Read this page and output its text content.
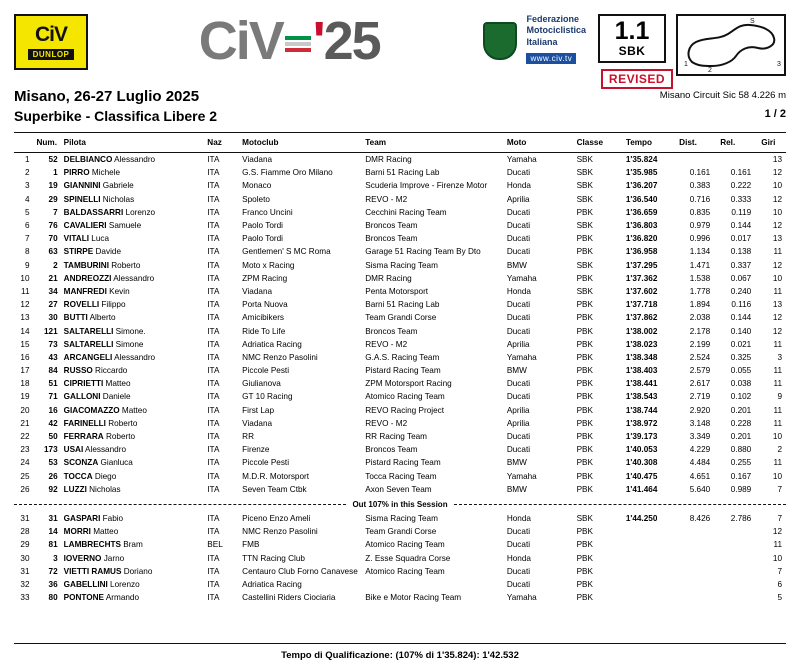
CiV
DUNLOP CiV '25	Federazione
Motociclistica
Italiana
www.civ.tv
1.1
SBK
REVISED
S
1	3
2
Misano, 26-27 Luglio 2025
Superbike - Classifica Libere 2
Misano Circuit Sic 58 4.226 m
1 / 2
	Num.	Pilota	Naz	Motoclub	Team	Moto	Classe	Tempo	Dist.	Rel.	Giri
1	52	DELBIANCO Alessandro	ITA	Viadana	DMR Racing	Yamaha	SBK	1'35.824			13
2	1	PIRRO Michele	ITA	G.S. Fiamme Oro Milano	Barni 51 Racing Lab	Ducati	SBK	1'35.985	0.161	0.161	12
3	19	GIANNINI Gabriele	ITA	Monaco	Scuderia Improve - Firenze Motor	Honda	SBK	1'36.207	0.383	0.222	10
4	29	SPINELLI Nicholas	ITA	Spoleto	REVO - M2	Aprilia	SBK	1'36.540	0.716	0.333	12
5	7	BALDASSARRI Lorenzo	ITA	Franco Uncini	Cecchini Racing Team	Ducati	PBK	1'36.659	0.835	0.119	10
6	76	CAVALIERI Samuele	ITA	Paolo Tordi	Broncos Team	Ducati	SBK	1'36.803	0.979	0.144	12
7	70	VITALI Luca	ITA	Paolo Tordi	Broncos Team	Ducati	PBK	1'36.820	0.996	0.017	13
8	63	STIRPE Davide	ITA	Gentlemen' S MC Roma	Garage 51 Racing Team By Dto	Ducati	PBK	1'36.958	1.134	0.138	11
9	2	TAMBURINI Roberto	ITA	Moto x Racing	Sisma Racing Team	BMW	SBK	1'37.295	1.471	0.337	12
10	21	ANDREOZZI Alessandro	ITA	ZPM Racing	DMR Racing	Yamaha	PBK	1'37.362	1.538	0.067	10
11	34	MANFREDI Kevin	ITA	Viadana	Penta Motorsport	Honda	SBK	1'37.602	1.778	0.240	11
12	27	ROVELLI Filippo	ITA	Porta Nuova	Barni 51 Racing Lab	Ducati	PBK	1'37.718	1.894	0.116	13
13	30	BUTTI Alberto	ITA	Amicibikers	Team Grandi Corse	Ducati	PBK	1'37.862	2.038	0.144	12
14	121	SALTARELLI Simone.	ITA	Ride To Life	Broncos Team	Ducati	PBK	1'38.002	2.178	0.140	12
15	73	SALTARELLI Simone	ITA	Adriatica Racing	REVO - M2	Aprilia	PBK	1'38.023	2.199	0.021	11
16	43	ARCANGELI Alessandro	ITA	NMC Renzo Pasolini	G.A.S. Racing Team	Yamaha	PBK	1'38.348	2.524	0.325	3
17	84	RUSSO Riccardo	ITA	Piccole Pesti	Pistard Racing Team	BMW	PBK	1'38.403	2.579	0.055	11
18	51	CIPRIETTI Matteo	ITA	Giulianova	ZPM Motorsport Racing	Ducati	PBK	1'38.441	2.617	0.038	11
19	71	GALLONI Daniele	ITA	GT 10 Racing	Atomico Racing Team	Ducati	PBK	1'38.543	2.719	0.102	9
20	16	GIACOMAZZO Matteo	ITA	First Lap	REVO Racing Project	Aprilia	PBK	1'38.744	2.920	0.201	11
21	42	FARINELLI Roberto	ITA	Viadana	REVO - M2	Aprilia	PBK	1'38.972	3.148	0.228	11
22	50	FERRARA Roberto	ITA	RR	RR Racing Team	Ducati	PBK	1'39.173	3.349	0.201	10
23	173	USAI Alessandro	ITA	Firenze	Broncos Team	Ducati	PBK	1'40.053	4.229	0.880	2
24	53	SCONZA Gianluca	ITA	Piccole Pesti	Pistard Racing Team	BMW	PBK	1'40.308	4.484	0.255	11
25	26	TOCCA Diego	ITA	M.D.R. Motorsport	Tocca Racing Team	Yamaha	PBK	1'40.475	4.651	0.167	10
26	92	LUZZI Nicholas	ITA	Seven Team Ctbk	Axon Seven Team	BMW	PBK	1'41.464	5.640	0.989	7

Out 107% in this Session											

31	31	GASPARI Fabio	ITA	Piceno Enzo Ameli	Sisma Racing Team	Honda	SBK	1'44.250	8.426	2.786	7
28	14	MORRI Matteo	ITA	NMC Renzo Pasolini	Team Grandi Corse	Ducati	PBK				12
29	81	LAMBRECHTS Bram	BEL	FMB	Atomico Racing Team	Ducati	PBK				11
30	3	IOVERNO Jarno	ITA	TTN Racing Club	Z. Esse Squadra Corse	Honda	PBK				10
31	72	VIETTI RAMUS Doriano	ITA	Centauro Club Forno Canavese	Atomico Racing Team	Ducati	PBK				7
32	36	GABELLINI Lorenzo	ITA	Adriatica Racing		Ducati	PBK				6
33	80	PONTONE Armando	ITA	Castellini Riders Ciociaria	Bike e Motor Racing Team	Yamaha	PBK				5
Tempo di Qualificazione: (107% di 1'35.824): 1'42.532
